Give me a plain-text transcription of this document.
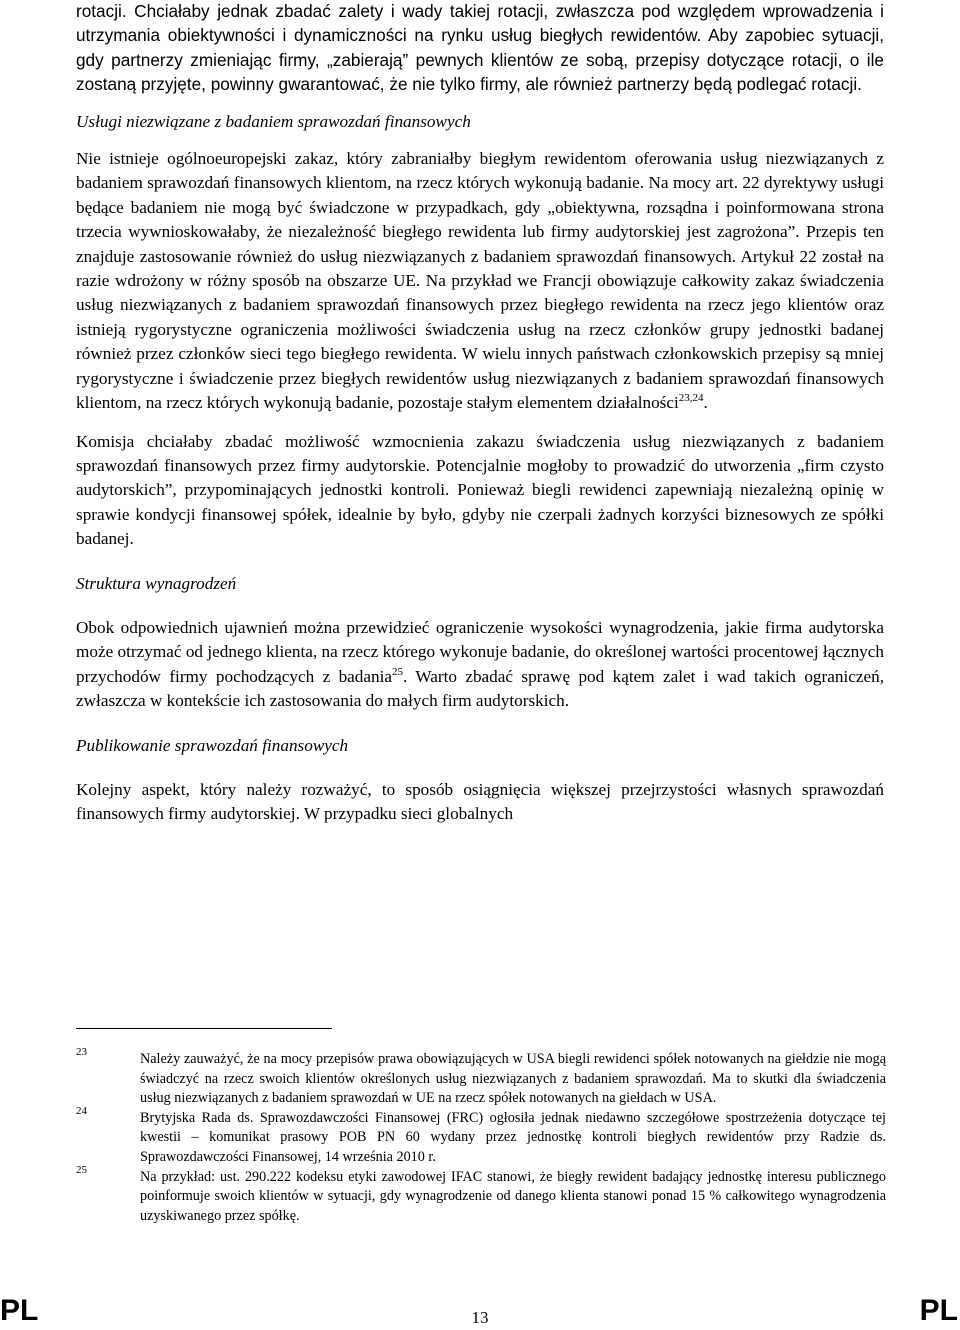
rotacji. Chciałaby jednak zbadać zalety i wady takiej rotacji, zwłaszcza pod względem wprowadzenia i utrzymania obiektywności i dynamiczności na rynku usług biegłych rewidentów. Aby zapobiec sytuacji, gdy partnerzy zmieniając firmy, „zabierają” pewnych klientów ze sobą, przepisy dotyczące rotacji, o ile zostaną przyjęte, powinny gwarantować, że nie tylko firmy, ale również partnerzy będą podlegać rotacji.

Usługi niezwiązane z badaniem sprawozdań finansowych

Nie istnieje ogólnoeuropejski zakaz, który zabraniałby biegłym rewidentom oferowania usług niezwiązanych z badaniem sprawozdań finansowych klientom, na rzecz których wykonują badanie. Na mocy art. 22 dyrektywy usługi będące badaniem nie mogą być świadczone w przypadkach, gdy „obiektywna, rozsądna i poinformowana strona trzecia wywnioskowałaby, że niezależność biegłego rewidenta lub firmy audytorskiej jest zagrożona”. Przepis ten znajduje zastosowanie również do usług niezwiązanych z badaniem sprawozdań finansowych. Artykuł 22 został na razie wdrożony w różny sposób na obszarze UE. Na przykład we Francji obowiązuje całkowity zakaz świadczenia usług niezwiązanych z badaniem sprawozdań finansowych przez biegłego rewidenta na rzecz jego klientów oraz istnieją rygorystyczne ograniczenia możliwości świadczenia usług na rzecz członków grupy jednostki badanej również przez członków sieci tego biegłego rewidenta. W wielu innych państwach członkowskich przepisy są mniej rygorystyczne i świadczenie przez biegłych rewidentów usług niezwiązanych z badaniem sprawozdań finansowych klientom, na rzecz których wykonują badanie, pozostaje stałym elementem działalności$^{23,24}$.

Komisja chciałaby zbadać możliwość wzmocnienia zakazu świadczenia usług niezwiązanych z badaniem sprawozdań finansowych przez firmy audytorskie. Potencjalnie mogłoby to prowadzić do utworzenia „firm czysto audytorskich”, przypominających jednostki kontroli. Ponieważ biegli rewidenci zapewniają niezależną opinię w sprawie kondycji finansowej spółek, idealnie by było, gdyby nie czerpali żadnych korzyści biznesowych ze spółki badanej.

Struktura wynagrodzeń

Obok odpowiednich ujawnień można przewidzieć ograniczenie wysokości wynagrodzenia, jakie firma audytorska może otrzymać od jednego klienta, na rzecz którego wykonuje badanie, do określonej wartości procentowej łącznych przychodów firmy pochodzących z badania$^{25}$. Warto zbadać sprawę pod kątem zalet i wad takich ograniczeń, zwłaszcza w kontekście ich zastosowania do małych firm audytorskich.

Publikowanie sprawozdań finansowych

Kolejny aspekt, który należy rozważyć, to sposób osiągnięcia większej przejrzystości własnych sprawozdań finansowych firmy audytorskiej. W przypadku sieci globalnych

23	Należy zauważyć, że na mocy przepisów prawa obowiązujących w USA biegli rewidenci spółek notowanych na giełdzie nie mogą świadczyć na rzecz swoich klientów określonych usług niezwiązanych z badaniem sprawozdań. Ma to skutki dla świadczenia usług niezwiązanych z badaniem sprawozdań w UE na rzecz spółek notowanych na giełdach w USA.
24	Brytyjska Rada ds. Sprawozdawczości Finansowej (FRC) ogłosiła jednak niedawno szczegółowe spostrzeżenia dotyczące tej kwestii – komunikat prasowy POB PN 60 wydany przez jednostkę kontroli biegłych rewidentów przy Radzie ds. Sprawozdawczości Finansowej, 14 września 2010 r.
25	Na przykład: ust. 290.222 kodeksu etyki zawodowej IFAC stanowi, że biegły rewident badający jednostkę interesu publicznego poinformuje swoich klientów w sytuacji, gdy wynagrodzenie od danego klienta stanowi ponad 15 % całkowitego wynagrodzenia uzyskiwanego przez spółkę.
PL	13	PL
